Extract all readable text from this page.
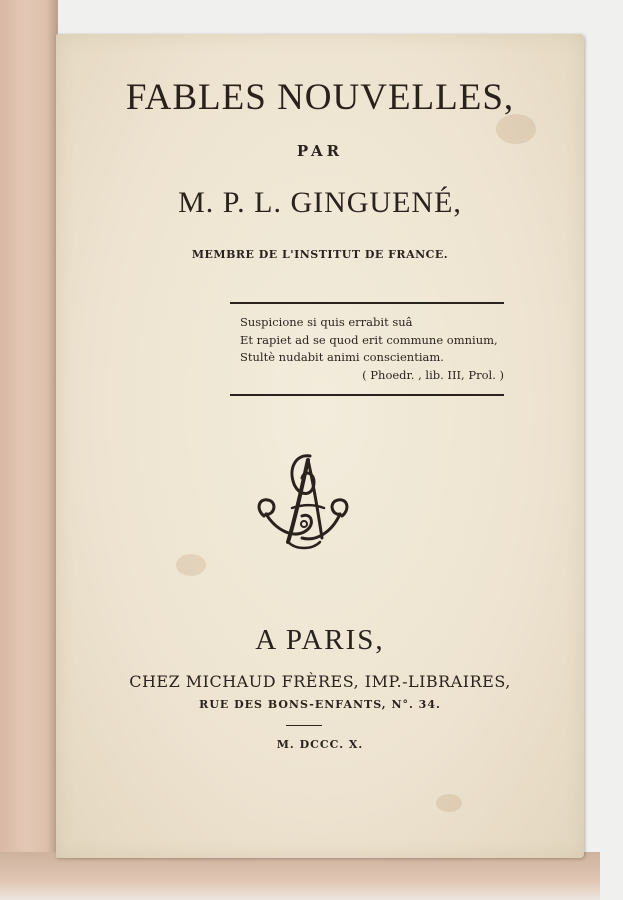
FABLES NOUVELLES,
PAR
M. P. L. GINGUENÉ,
MEMBRE DE L'INSTITUT DE FRANCE.
Suspicione si quis errabit suâ
Et rapiet ad se quod erit commune omnium,
Stultè nudabit animi conscientiam.
( Phoedr. , lib. III, Prol. )
A PARIS,
CHEZ MICHAUD FRÈRES, IMP.-LIBRAIRES,
RUE DES BONS-ENFANTS, N°. 34.
M. DCCC. X.
